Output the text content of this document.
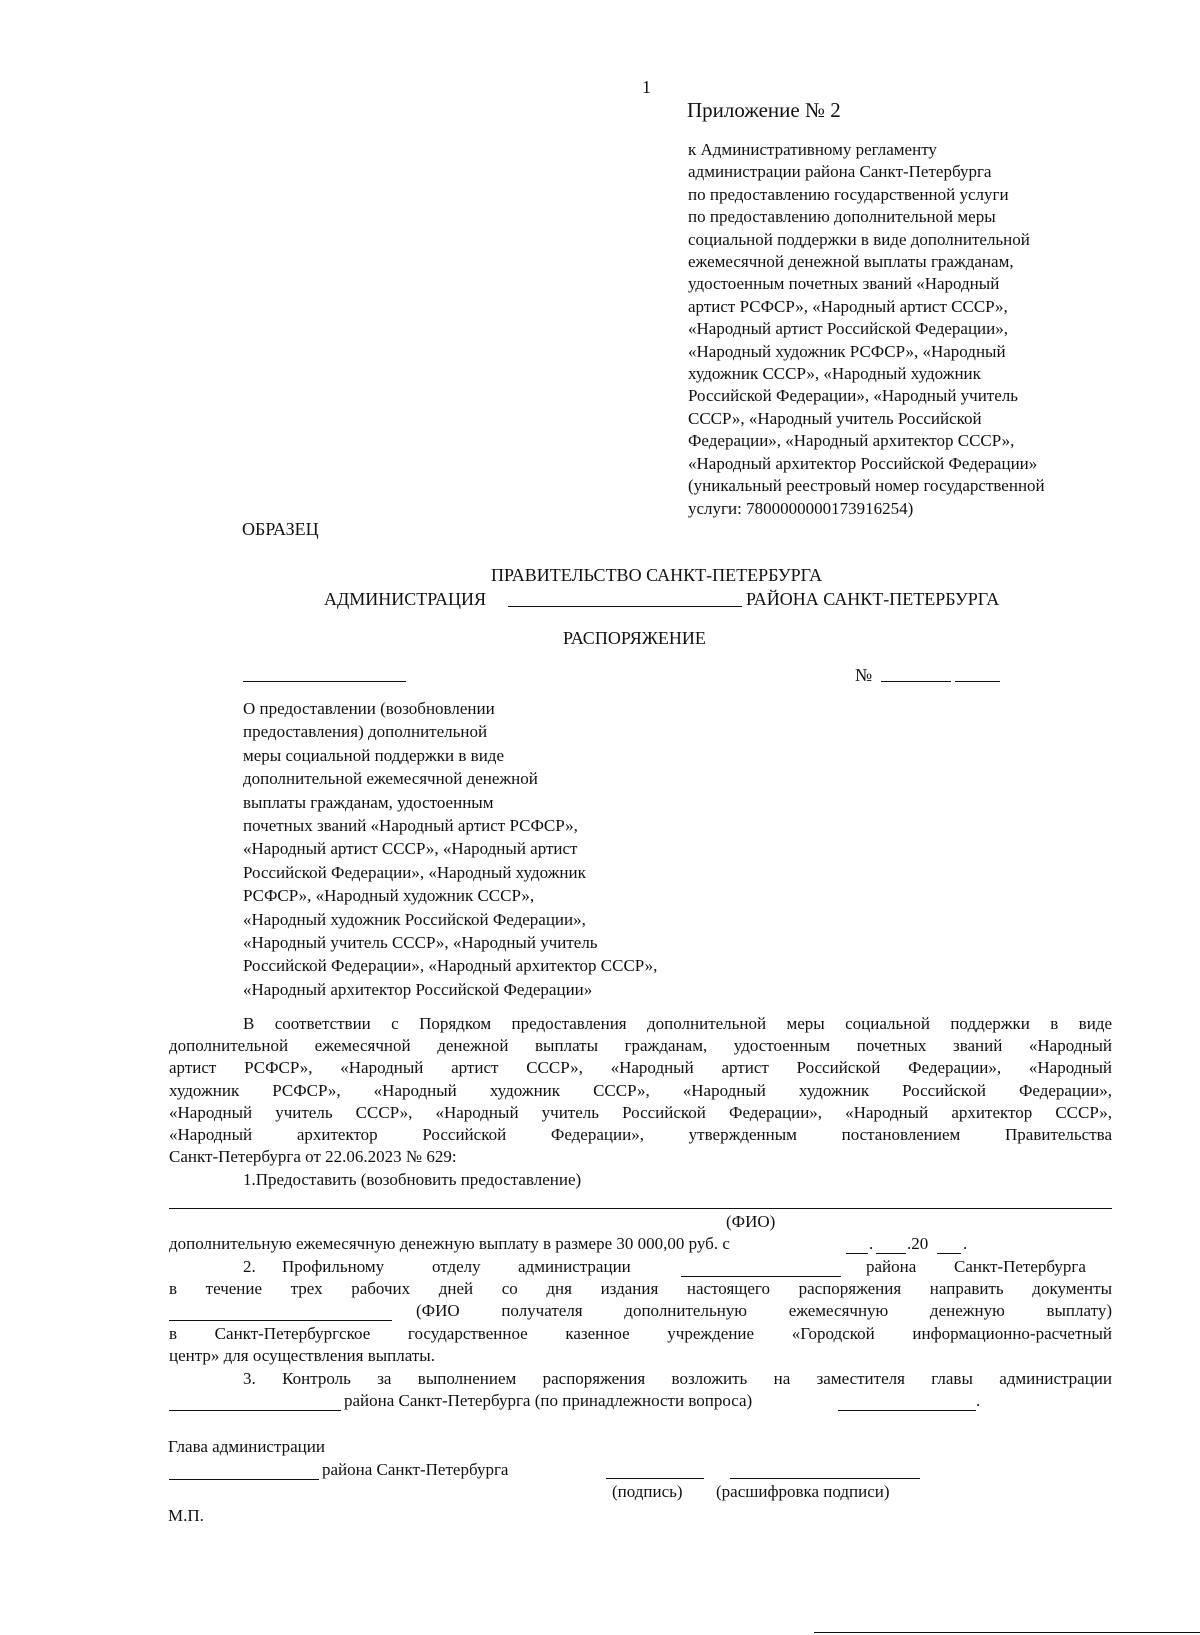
1
Приложение № 2
к Административному регламенту
администрации района Санкт-Петербурга
по предоставлению государственной услуги
по предоставлению дополнительной меры
социальной поддержки в виде дополнительной
ежемесячной денежной выплаты гражданам,
удостоенным почетных званий «Народный
артист РСФСР», «Народный артист СССР»,
«Народный артист Российской Федерации»,
«Народный художник РСФСР», «Народный
художник СССР», «Народный художник
Российской Федерации», «Народный учитель
СССР», «Народный учитель Российской
Федерации», «Народный архитектор СССР»,
«Народный архитектор Российской Федерации»
(уникальный реестровый номер государственной
услуги: 7800000000173916254)
ОБРАЗЕЦ
ПРАВИТЕЛЬСТВО САНКТ-ПЕТЕРБУРГА
АДМИНИСТРАЦИЯ	РАЙОНА САНКТ-ПЕТЕРБУРГА
РАСПОРЯЖЕНИЕ
№
О предоставлении (возобновлении
предоставления) дополнительной
меры социальной поддержки в виде
дополнительной ежемесячной денежной
выплаты гражданам, удостоенным
почетных званий «Народный артист РСФСР»,
«Народный артист СССР», «Народный артист
Российской Федерации», «Народный художник
РСФСР», «Народный художник СССР»,
«Народный художник Российской Федерации»,
«Народный учитель СССР», «Народный учитель
Российской Федерации», «Народный архитектор СССР»,
«Народный архитектор Российской Федерации»
В соответствии с Порядком предоставления дополнительной меры социальной поддержки в виде
дополнительной ежемесячной денежной выплаты гражданам, удостоенным почетных званий «Народный
артист РСФСР», «Народный артист СССР», «Народный артист Российской Федерации», «Народный
художник РСФСР», «Народный художник СССР», «Народный художник Российской Федерации»,
«Народный учитель СССР», «Народный учитель Российской Федерации», «Народный архитектор СССР»,
«Народный архитектор Российской Федерации», утвержденным постановлением Правительства
Санкт-Петербурга от 22.06.2023 № 629:
1.Предоставить (возобновить предоставление)
(ФИО)
дополнительную ежемесячную денежную выплату в размере 30 000,00 руб. с	. .20 .
2. Профильному	отделу администрации	района Санкт-Петербурга
в течение трех рабочих дней со дня издания настоящего распоряжения направить документы
(ФИО получателя дополнительную ежемесячную денежную выплату)
в Санкт-Петербургское государственное казенное учреждение «Городской информационно-расчетный
центр» для осуществления выплаты.
3. Контроль за выполнением распоряжения возложить на заместителя главы администрации
района Санкт-Петербурга (по принадлежности вопроса)	.
Глава администрации
района Санкт-Петербурга
(подпись) (расшифровка подписи)
М.П.
